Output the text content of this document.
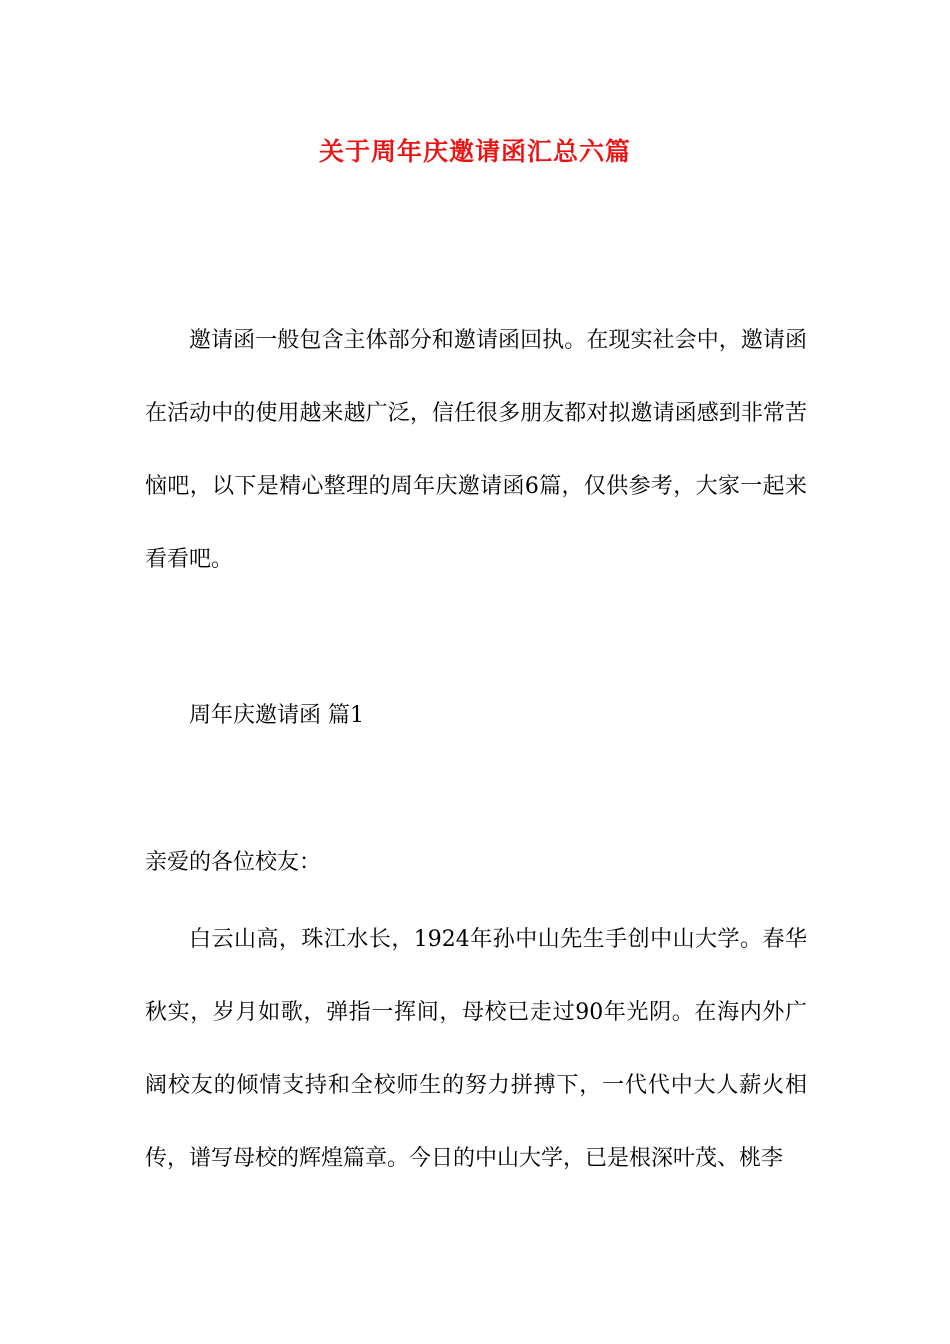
关于周年庆邀请函汇总六篇

邀请函一般包含主体部分和邀请函回执。在现实社会中，邀请函在活动中的使用越来越广泛，信任很多朋友都对拟邀请函感到非常苦恼吧，以下是精心整理的周年庆邀请函6篇，仅供参考，大家一起来看看吧。

周年庆邀请函 篇1

亲爱的各位校友：

白云山高，珠江水长，1924年孙中山先生手创中山大学。春华秋实，岁月如歌，弹指一挥间，母校已走过90年光阴。在海内外广阔校友的倾情支持和全校师生的努力拼搏下，一代代中大人薪火相传，谱写母校的辉煌篇章。今日的中山大学，已是根深叶茂、桃李
